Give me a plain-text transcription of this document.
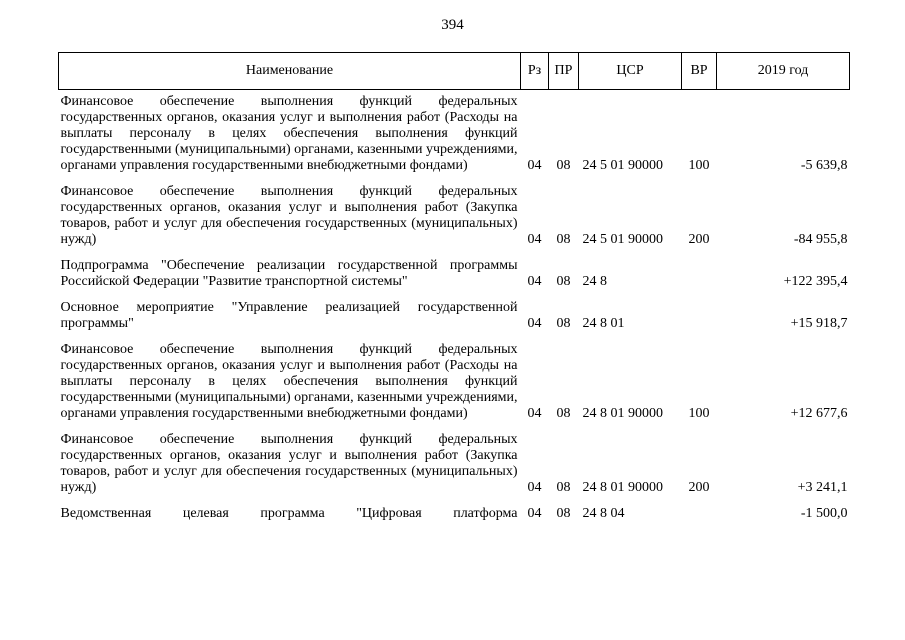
394
Наименование	Рз	ПР	ЦСР	ВР	2019 год
Финансовое обеспечение выполнения функций федеральных государственных органов, оказания услуг и выполнения работ (Расходы на выплаты персоналу в целях обеспечения выполнения функций государственными (муниципальными) органами, казенными учреждениями, органами управления государственными внебюджетными фондами)	04	08	24 5 01 90000	100	-5 639,8
Финансовое обеспечение выполнения функций федеральных государственных органов, оказания услуг и выполнения работ (Закупка товаров, работ и услуг для обеспечения государственных (муниципальных) нужд)	04	08	24 5 01 90000	200	-84 955,8
Подпрограмма "Обеспечение реализации государственной программы Российской Федерации "Развитие транспортной системы"	04	08	24 8		+122 395,4
Основное мероприятие "Управление реализацией государственной программы"	04	08	24 8 01		+15 918,7
Финансовое обеспечение выполнения функций федеральных государственных органов, оказания услуг и выполнения работ (Расходы на выплаты персоналу в целях обеспечения выполнения функций государственными (муниципальными) органами, казенными учреждениями, органами управления государственными внебюджетными фондами)	04	08	24 8 01 90000	100	+12 677,6
Финансовое обеспечение выполнения функций федеральных государственных органов, оказания услуг и выполнения работ (Закупка товаров, работ и услуг для обеспечения государственных (муниципальных) нужд)	04	08	24 8 01 90000	200	+3 241,1
Ведомственная целевая программа "Цифровая платформа	04	08	24 8 04		-1 500,0
